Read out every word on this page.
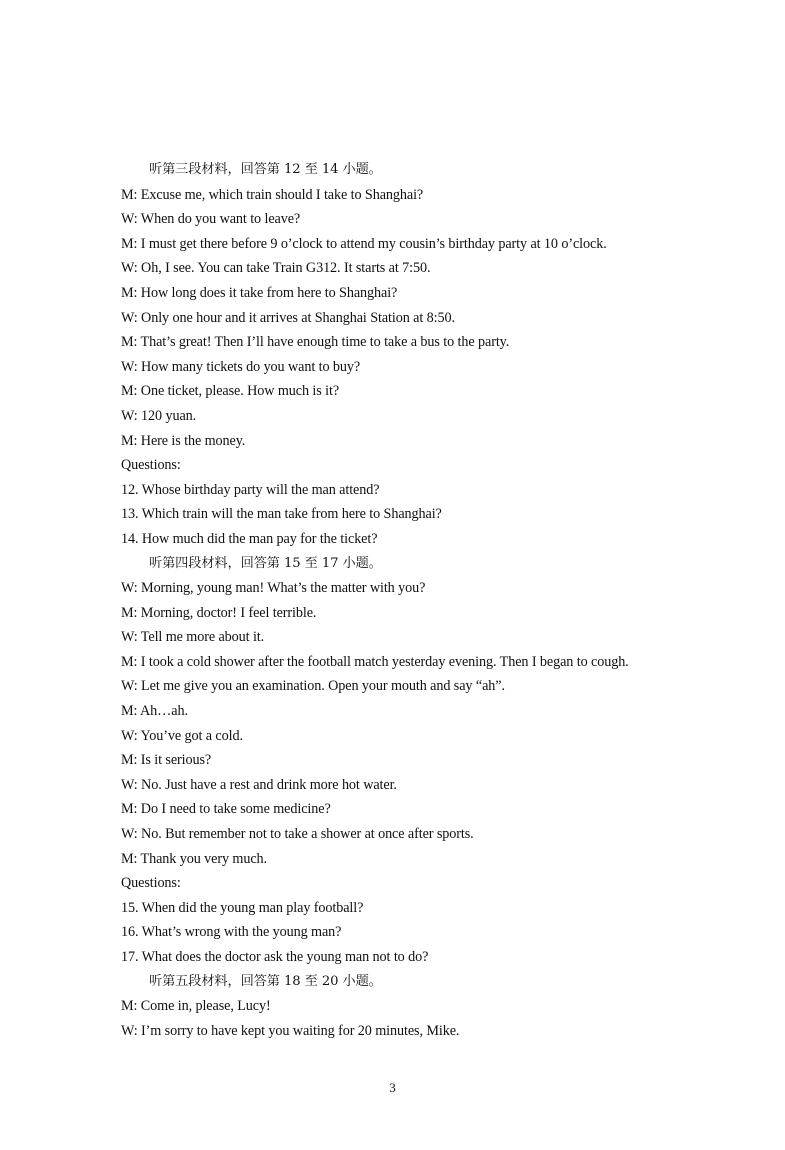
听第三段材料，回答第 12 至 14 小题。
M: Excuse me, which train should I take to Shanghai?
W: When do you want to leave?
M: I must get there before 9 o’clock to attend my cousin’s birthday party at 10 o’clock.
W: Oh, I see. You can take Train G312. It starts at 7:50.
M: How long does it take from here to Shanghai?
W: Only one hour and it arrives at Shanghai Station at 8:50.
M: That’s great! Then I’ll have enough time to take a bus to the party.
W: How many tickets do you want to buy?
M: One ticket, please. How much is it?
W: 120 yuan.
M: Here is the money.
Questions:
12. Whose birthday party will the man attend?
13. Which train will the man take from here to Shanghai?
14. How much did the man pay for the ticket?
听第四段材料，回答第 15 至 17 小题。
W: Morning, young man! What’s the matter with you?
M: Morning, doctor! I feel terrible.
W: Tell me more about it.
M: I took a cold shower after the football match yesterday evening. Then I began to cough.
W: Let me give you an examination. Open your mouth and say “ah”.
M: Ah…ah.
W: You’ve got a cold.
M: Is it serious?
W: No. Just have a rest and drink more hot water.
M: Do I need to take some medicine?
W: No. But remember not to take a shower at once after sports.
M: Thank you very much.
Questions:
15. When did the young man play football?
16. What’s wrong with the young man?
17. What does the doctor ask the young man not to do?
听第五段材料，回答第 18 至 20 小题。
M: Come in, please, Lucy!
W: I’m sorry to have kept you waiting for 20 minutes, Mike.
3
